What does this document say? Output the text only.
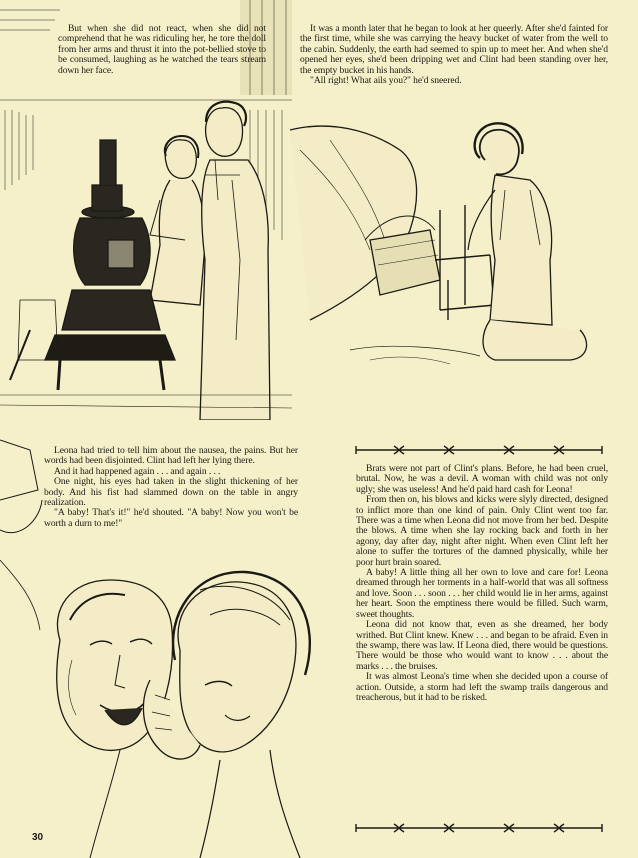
But when she did not react, when she did not comprehend that he was ridiculing her, he tore the doll from her arms and thrust it into the pot-bellied stove to be consumed, laughing as he watched the tears stream down her face.

It was a month later that he began to look at her queerly. After she'd fainted for the first time, while she was carrying the heavy bucket of water from the well to the cabin. Suddenly, the earth had seemed to spin up to meet her. And when she'd opened her eyes, she'd been dripping wet and Clint had been standing over her, the empty bucket in his hands.

"All right! What ails you?" he'd sneered.

Leona had tried to tell him about the nausea, the pains. But her words had been disjointed. Clint had left her lying there.

And it had happened again . . . and again . . .

One night, his eyes had taken in the slight thickening of her body. And his fist had slammed down on the table in angry realization.

"A baby! That's it!" he'd shouted. "A baby! Now you won't be worth a durn to me!"

Brats were not part of Clint's plans. Before, he had been cruel, brutal. Now, he was a devil. A woman with child was not only ugly; she was useless! And he'd paid hard cash for Leona!

From then on, his blows and kicks were slyly directed, designed to inflict more than one kind of pain. Only Clint went too far. There was a time when Leona did not move from her bed. Despite the blows. A time when she lay rocking back and forth in her agony, day after day, night after night. When even Clint left her alone to suffer the tortures of the damned physically, while her poor hurt brain soared.

A baby! A little thing all her own to love and care for! Leona dreamed through her torments in a half-world that was all softness and love. Soon . . . soon . . . her child would lie in her arms, against her heart. Soon the emptiness there would be filled. Such warm, sweet thoughts.

Leona did not know that, even as she dreamed, her body writhed. But Clint knew. Knew . . . and began to be afraid. Even in the swamp, there was law. If Leona died, there would be questions. There would be those who would want to know . . . about the marks . . . the bruises.

It was almost Leona's time when she decided upon a course of action. Outside, a storm had left the swamp trails dangerous and treacherous, but it had to be risked.

30
